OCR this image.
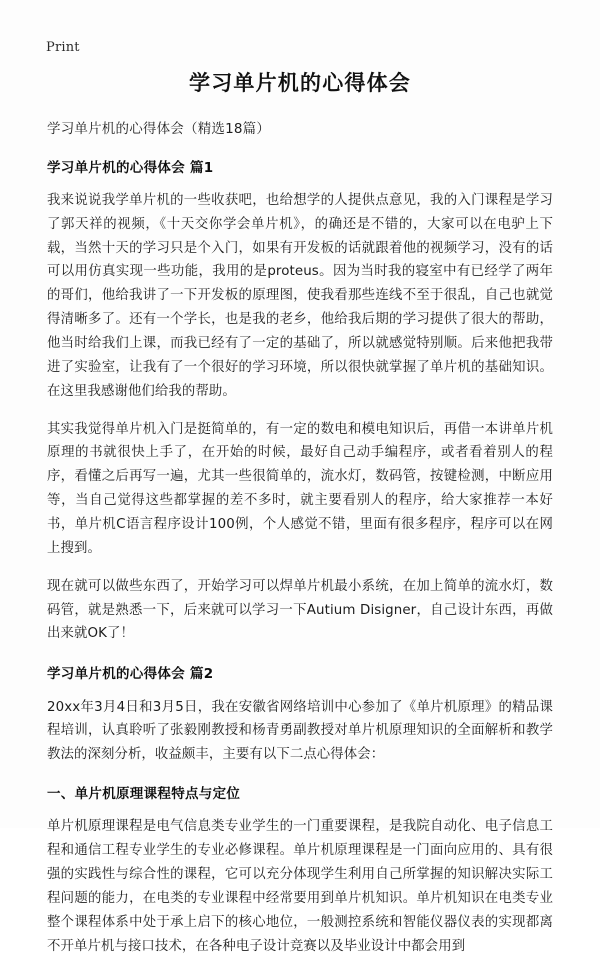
Print
学习单片机的心得体会
学习单片机的心得体会（精选18篇）
学习单片机的心得体会 篇1

我来说说我学单片机的一些收获吧，也给想学的人提供点意见，我的入门课程是学习了郭天祥的视频，《十天交你学会单片机》，的确还是不错的，大家可以在电驴上下载，当然十天的学习只是个入门，如果有开发板的话就跟着他的视频学习，没有的话可以用仿真实现一些功能，我用的是proteus。因为当时我的寝室中有已经学了两年的哥们，他给我讲了一下开发板的原理图，使我看那些连线不至于很乱，自己也就觉得清晰多了。还有一个学长，也是我的老乡，他给我后期的学习提供了很大的帮助，他当时给我们上课，而我已经有了一定的基础了，所以就感觉特别顺。后来他把我带进了实验室，让我有了一个很好的学习环境，所以很快就掌握了单片机的基础知识。在这里我感谢他们给我的帮助。

其实我觉得单片机入门是挺简单的，有一定的数电和模电知识后，再借一本讲单片机原理的书就很快上手了，在开始的时候，最好自己动手编程序，或者看着别人的程序，看懂之后再写一遍，尤其一些很简单的，流水灯，数码管，按键检测，中断应用等，当自己觉得这些都掌握的差不多时，就主要看别人的程序，给大家推荐一本好书，单片机C语言程序设计100例，个人感觉不错，里面有很多程序，程序可以在网上搜到。

现在就可以做些东西了，开始学习可以焊单片机最小系统，在加上简单的流水灯，数码管，就是熟悉一下，后来就可以学习一下Autium Disigner，自己设计东西，再做出来就OK了！

学习单片机的心得体会 篇2

20xx年3月4日和3月5日，我在安徽省网络培训中心参加了《单片机原理》的精品课程培训，认真聆听了张毅刚教授和杨青勇副教授对单片机原理知识的全面解析和教学教法的深刻分析，收益颇丰，主要有以下二点心得体会：

一、单片机原理课程特点与定位

单片机原理课程是电气信息类专业学生的一门重要课程，是我院自动化、电子信息工程和通信工程专业学生的专业必修课程。单片机原理课程是一门面向应用的、具有很强的实践性与综合性的课程，它可以充分体现学生利用自己所掌握的知识解决实际工程问题的能力，在电类的专业课程中经常要用到单片机知识。单片机知识在电类专业整个课程体系中处于承上启下的核心地位，一般测控系统和智能仪器仪表的实现都离不开单片机与接口技术，在各种电子设计竞赛以及毕业设计中都会用到
